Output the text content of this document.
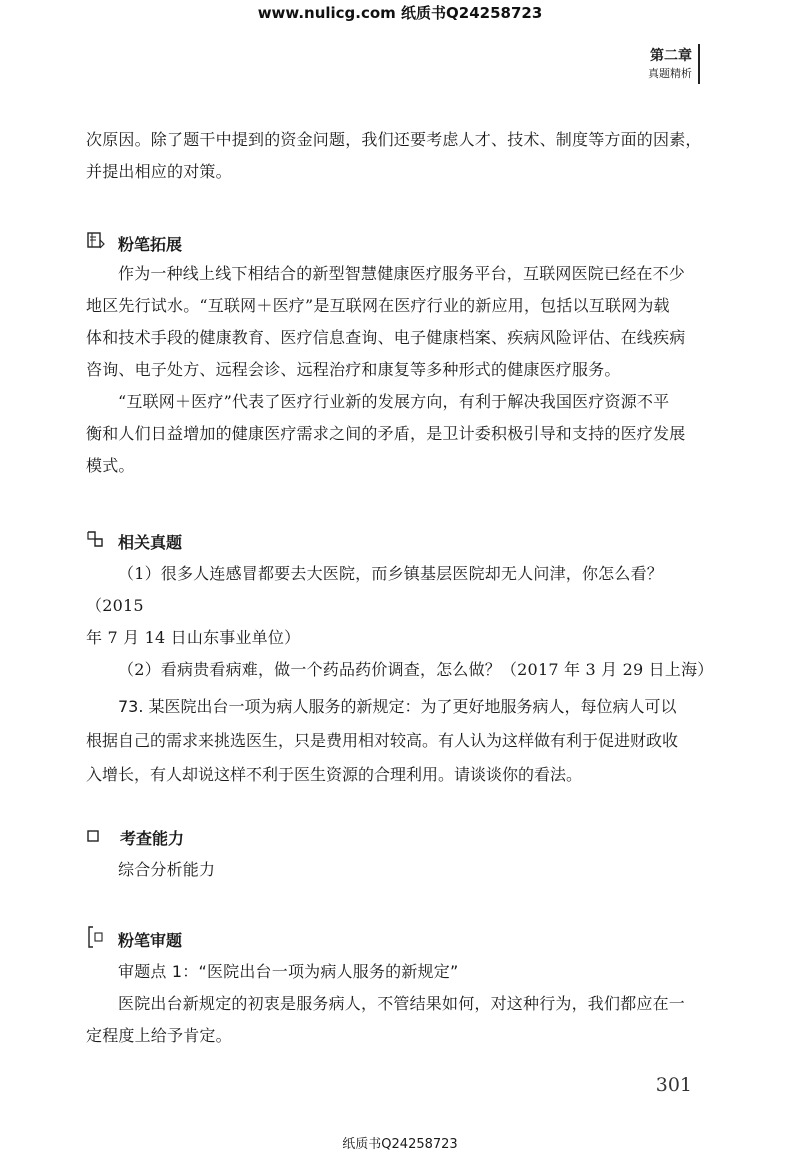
www.nulicg.com 纸质书Q24258723
第二章
真题精析

次原因。除了题干中提到的资金问题，我们还要考虑人才、技术、制度等方面的因素，

并提出相应的对策。

粉笔拓展

作为一种线上线下相结合的新型智慧健康医疗服务平台，互联网医院已经在不少

地区先行试水。“互联网＋医疗”是互联网在医疗行业的新应用，包括以互联网为载

体和技术手段的健康教育、医疗信息查询、电子健康档案、疾病风险评估、在线疾病

咨询、电子处方、远程会诊、远程治疗和康复等多种形式的健康医疗服务。

“互联网＋医疗”代表了医疗行业新的发展方向，有利于解决我国医疗资源不平

衡和人们日益增加的健康医疗需求之间的矛盾，是卫计委积极引导和支持的医疗发展

模式。

相关真题

（1）很多人连感冒都要去大医院，而乡镇基层医院却无人问津，你怎么看？（2015

年 7 月 14 日山东事业单位）

（2）看病贵看病难，做一个药品药价调查，怎么做？（2017 年 3 月 29 日上海）

73. 某医院出台一项为病人服务的新规定：为了更好地服务病人，每位病人可以

根据自己的需求来挑选医生，只是费用相对较高。有人认为这样做有利于促进财政收

入增长，有人却说这样不利于医生资源的合理利用。请谈谈你的看法。

考查能力
综合分析能力
粉笔审题

审题点 1：“医院出台一项为病人服务的新规定”

医院出台新规定的初衷是服务病人，不管结果如何，对这种行为，我们都应在一

定程度上给予肯定。

301
纸质书Q24258723
